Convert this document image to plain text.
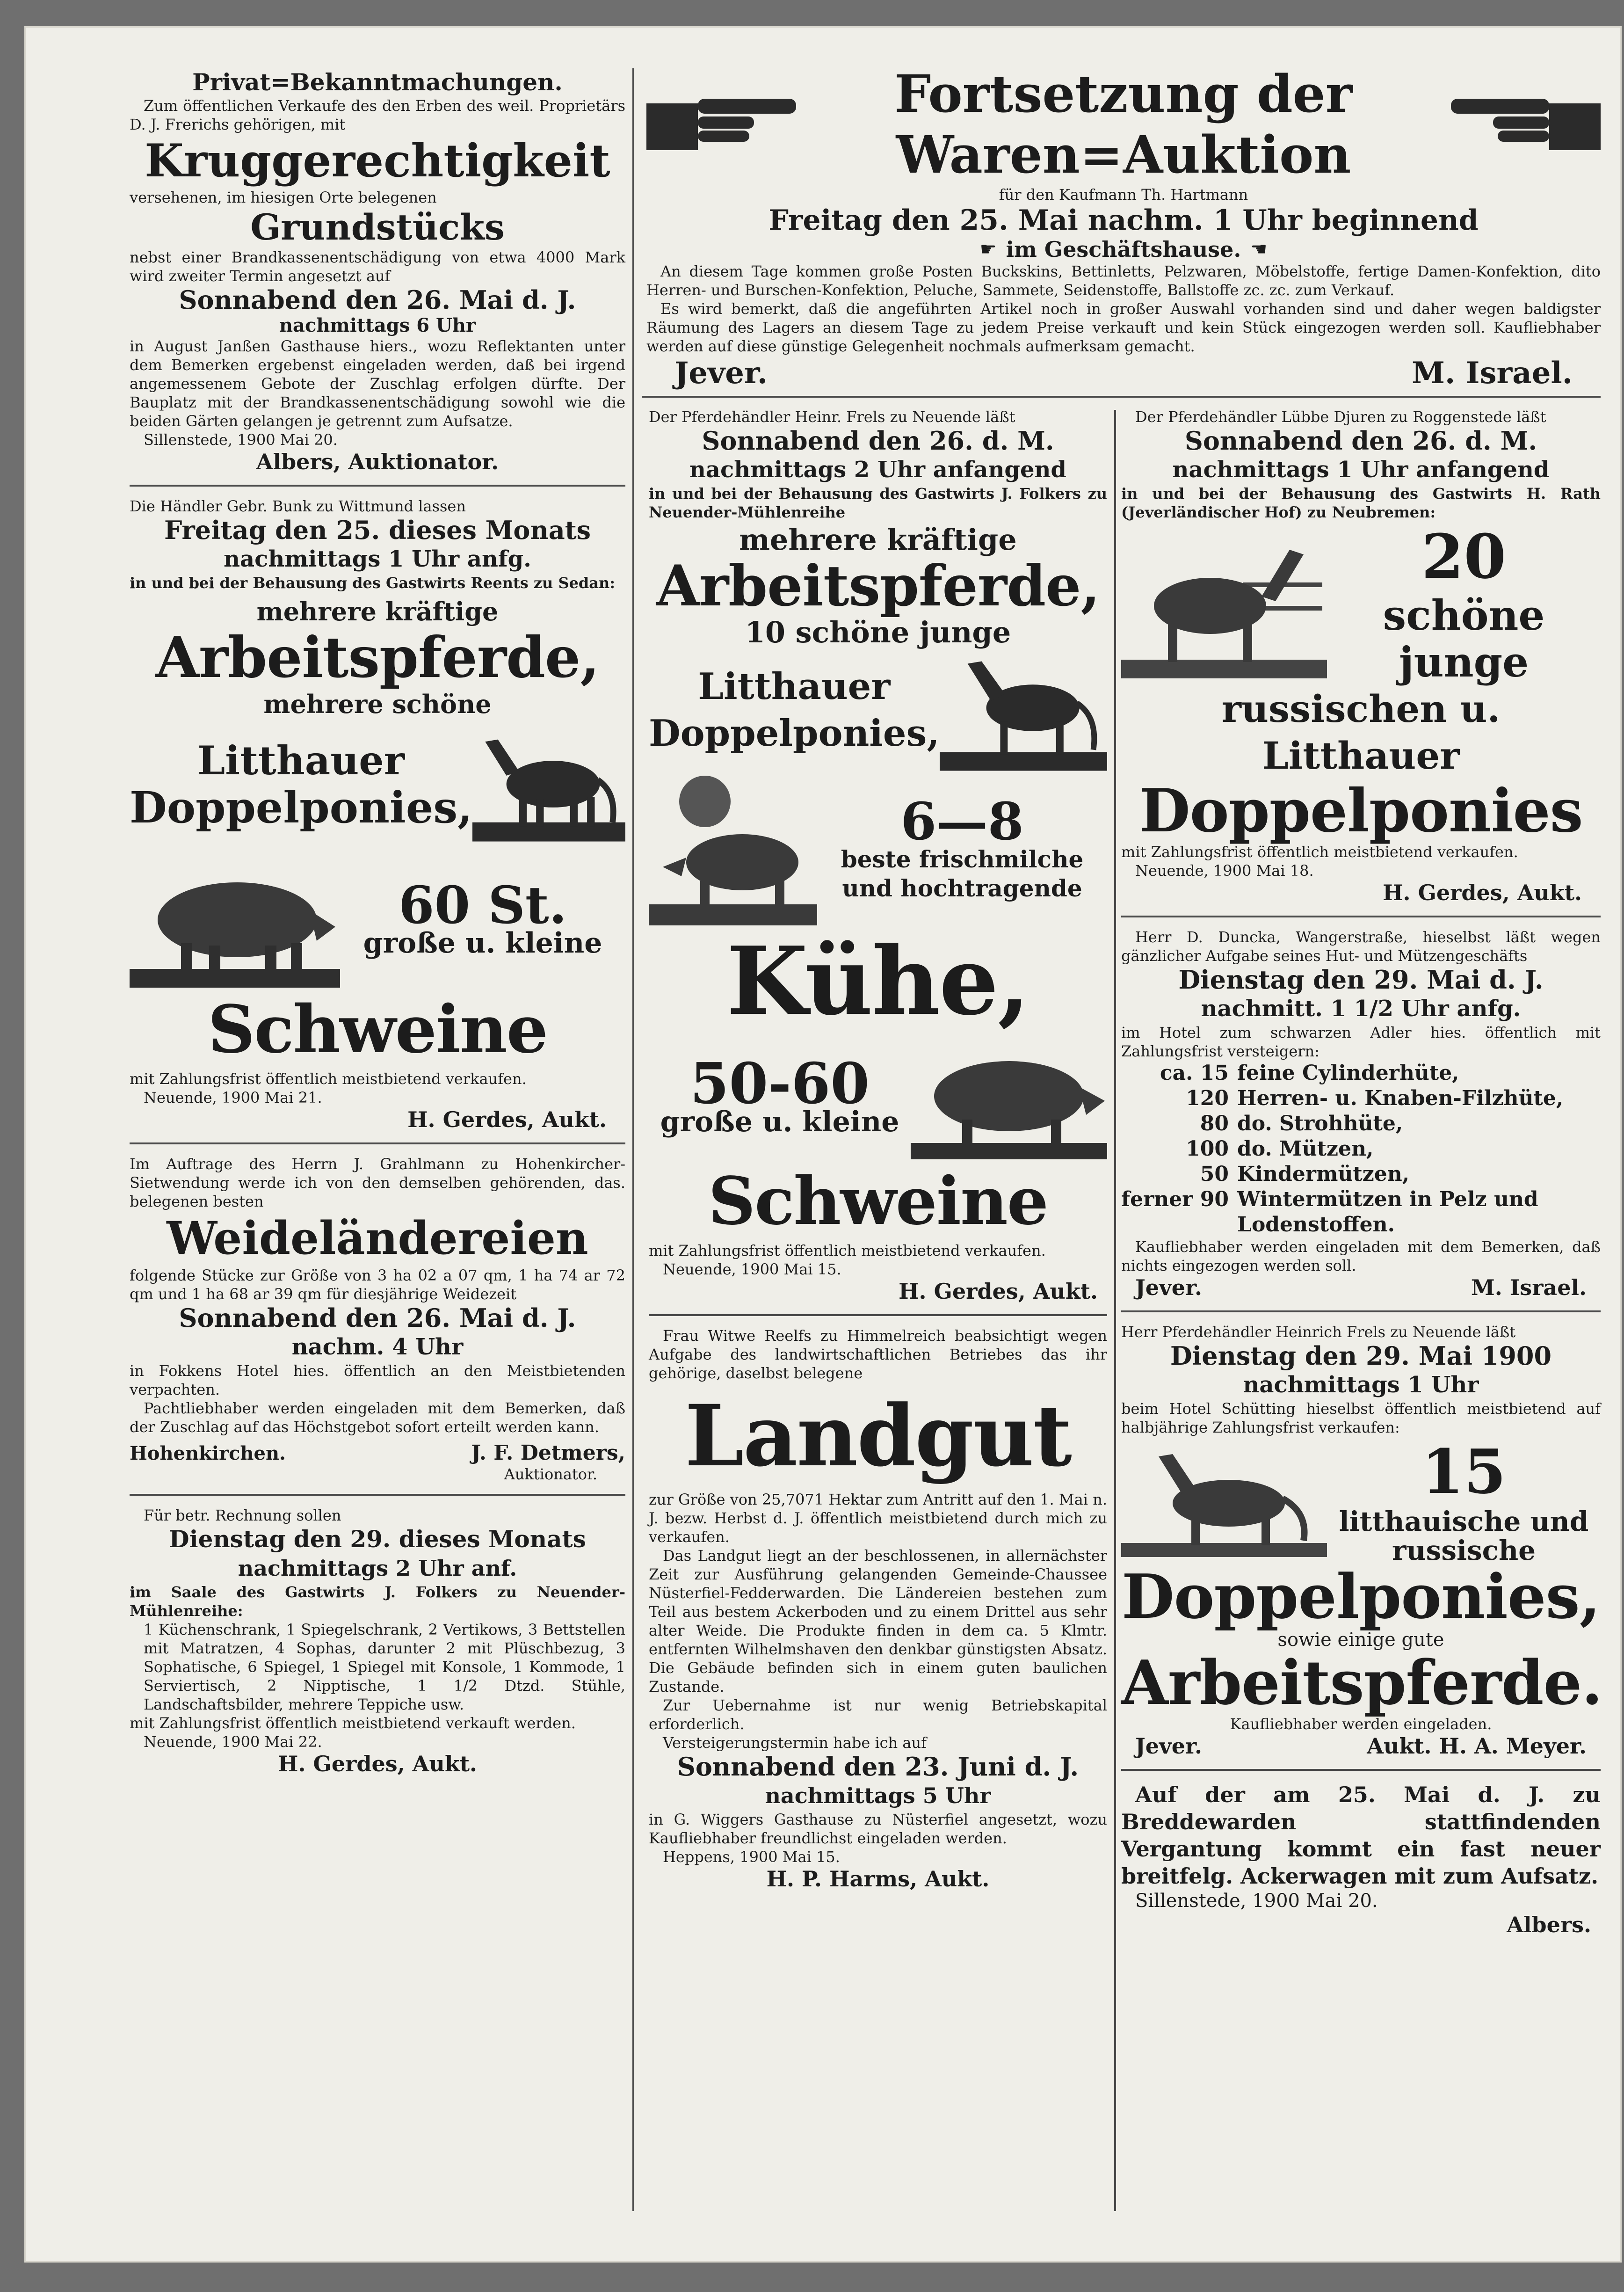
Privat=Bekanntmachungen.
Zum öffentlichen Verkaufe des den Erben des weil. Proprietärs D. J. Frerichs gehörigen, mit
Kruggerechtigkeit
versehenen, im hiesigen Orte belegenen
Grundstücks
nebst einer Brandkassenentschädigung von etwa 4000 Mark wird zweiter Termin angesetzt auf
Sonnabend den 26. Mai d. J.
nachmittags 6 Uhr
in August Janßen Gasthause hiers., wozu Reflektanten unter dem Bemerken ergebenst eingeladen werden, daß bei irgend angemessenem Gebote der Zuschlag erfolgen dürfte. Der Bauplatz mit der Brandkassenentschädigung sowohl wie die beiden Gärten gelangen je getrennt zum Aufsatze.
Sillenstede, 1900 Mai 20.
Albers, Auktionator.
Die Händler Gebr. Bunk zu Wittmund lassen
Freitag den 25. dieses Monats
nachmittags 1 Uhr anfg.
in und bei der Behausung des Gastwirts Reents zu Sedan:
mehrere kräftige
Arbeitspferde,
mehrere schöne
Litthauer
Doppelponies,
60 St.
große u. kleine
Schweine
mit Zahlungsfrist öffentlich meistbietend verkaufen.
Neuende, 1900 Mai 21.
H. Gerdes, Aukt.
Im Auftrage des Herrn J. Grahlmann zu Hohenkircher-Sietwendung werde ich von den demselben gehörenden, das. belegenen besten
Weideländereien
folgende Stücke zur Größe von 3 ha 02 a 07 qm, 1 ha 74 ar 72 qm und 1 ha 68 ar 39 qm für diesjährige Weidezeit
Sonnabend den 26. Mai d. J.
nachm. 4 Uhr
in Fokkens Hotel hies. öffentlich an den Meistbietenden verpachten.
Pachtliebhaber werden eingeladen mit dem Bemerken, daß der Zuschlag auf das Höchstgebot sofort erteilt werden kann.
Hohenkirchen.	J. F. Detmers,
Auktionator.
Für betr. Rechnung sollen
Dienstag den 29. dieses Monats
nachmittags 2 Uhr anf.
im Saale des Gastwirts J. Folkers zu Neuender-Mühlenreihe:
1 Küchenschrank, 1 Spiegelschrank, 2 Vertikows, 3 Bettstellen mit Matratzen, 4 Sophas, darunter 2 mit Plüschbezug, 3 Sophatische, 6 Spiegel, 1 Spiegel mit Konsole, 1 Kommode, 1 Serviertisch, 2 Nipptische, 1 1/2 Dtzd. Stühle, Landschaftsbilder, mehrere Teppiche usw.
mit Zahlungsfrist öffentlich meistbietend verkauft werden.
Neuende, 1900 Mai 22.
H. Gerdes, Aukt.
Fortsetzung der Waren=Auktion
für den Kaufmann Th. Hartmann
Freitag den 25. Mai nachm. 1 Uhr beginnend
☛ im Geschäftshause. ☚
An diesem Tage kommen große Posten Buckskins, Bettinletts, Pelzwaren, Möbelstoffe, fertige Damen-Konfektion, dito Herren- und Burschen-Konfektion, Peluche, Sammete, Seidenstoffe, Ballstoffe zc. zc. zum Verkauf.
Es wird bemerkt, daß die angeführten Artikel noch in großer Auswahl vorhanden sind und daher wegen baldigster Räumung des Lagers an diesem Tage zu jedem Preise verkauft und kein Stück eingezogen werden soll. Kaufliebhaber werden auf diese günstige Gelegenheit nochmals aufmerksam gemacht.
Jever.	M. Israel.
Der Pferdehändler Heinr. Frels zu Neuende läßt
Sonnabend den 26. d. M.
nachmittags 2 Uhr anfangend
in und bei der Behausung des Gastwirts J. Folkers zu Neuender-Mühlenreihe
mehrere kräftige
Arbeitspferde,
10 schöne junge
Litthauer
Doppelponies,
6—8
beste frischmilche und hochtragende
Kühe,
50-60
große u. kleine
Schweine
mit Zahlungsfrist öffentlich meistbietend verkaufen.
Neuende, 1900 Mai 15.
H. Gerdes, Aukt.
Frau Witwe Reelfs zu Himmelreich beabsichtigt wegen Aufgabe des landwirtschaftlichen Betriebes das ihr gehörige, daselbst belegene
Landgut
zur Größe von 25,7071 Hektar zum Antritt auf den 1. Mai n. J. bezw. Herbst d. J. öffentlich meistbietend durch mich zu verkaufen.
Das Landgut liegt an der beschlossenen, in allernächster Zeit zur Ausführung gelangenden Gemeinde-Chaussee Nüsterfiel-Fedderwarden. Die Ländereien bestehen zum Teil aus bestem Ackerboden und zu einem Drittel aus sehr alter Weide. Die Produkte finden in dem ca. 5 Klmtr. entfernten Wilhelmshaven den denkbar günstigsten Absatz. Die Gebäude befinden sich in einem guten baulichen Zustande.
Zur Uebernahme ist nur wenig Betriebskapital erforderlich.
Versteigerungstermin habe ich auf
Sonnabend den 23. Juni d. J.
nachmittags 5 Uhr
in G. Wiggers Gasthause zu Nüsterfiel angesetzt, wozu Kaufliebhaber freundlichst eingeladen werden.
Heppens, 1900 Mai 15.
H. P. Harms, Aukt.
Der Pferdehändler Lübbe Djuren zu Roggenstede läßt
Sonnabend den 26. d. M.
nachmittags 1 Uhr anfangend
in und bei der Behausung des Gastwirts H. Rath (Jeverländischer Hof) zu Neubremen:
20
schöne junge
russischen u. Litthauer
Doppelponies
mit Zahlungsfrist öffentlich meistbietend verkaufen.
Neuende, 1900 Mai 18.
H. Gerdes, Aukt.
Herr D. Duncka, Wangerstraße, hieselbst läßt wegen gänzlicher Aufgabe seines Hut- und Mützengeschäfts
Dienstag den 29. Mai d. J.
nachmitt. 1 1/2 Uhr anfg.
im Hotel zum schwarzen Adler hies. öffentlich mit Zahlungsfrist versteigern:
ca. 15 feine Cylinderhüte,
120 Herren- u. Knaben-Filzhüte,
80 do. Strohhüte,
100 do. Mützen,
50 Kindermützen,
ferner 90 Wintermützen in Pelz und Lodenstoffen.
Kaufliebhaber werden eingeladen mit dem Bemerken, daß nichts eingezogen werden soll.
Jever.	M. Israel.
Herr Pferdehändler Heinrich Frels zu Neuende läßt
Dienstag den 29. Mai 1900
nachmittags 1 Uhr
beim Hotel Schütting hieselbst öffentlich meistbietend auf halbjährige Zahlungsfrist verkaufen:
15
litthauische und russische
Doppelponies,
sowie einige gute
Arbeitspferde.
Kaufliebhaber werden eingeladen.
Jever.	Aukt. H. A. Meyer.
Auf der am 25. Mai d. J. zu Breddewarden stattfindenden Vergantung kommt ein fast neuer breitfelg. Ackerwagen mit zum Aufsatz.
Sillenstede, 1900 Mai 20.
Albers.
